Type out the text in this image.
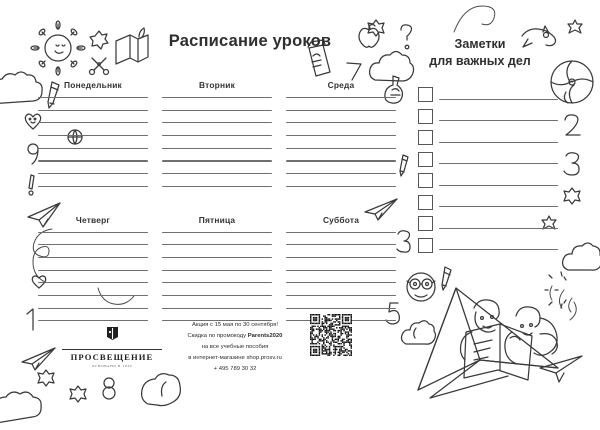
Расписание уроков	Заметки
для важных дел
Понедельник	Вторник	Среда
Четверг	Пятница	Суббота
ПРОСВЕЩЕНИЕ
ОСНОВАНО В 1930
Акция с 15 мая по 30 сентября!
Скидка по промокоду Parents2020
на все учебные пособия
в интернет-магазине shop.prosv.ru
+ 495 789 30 32
